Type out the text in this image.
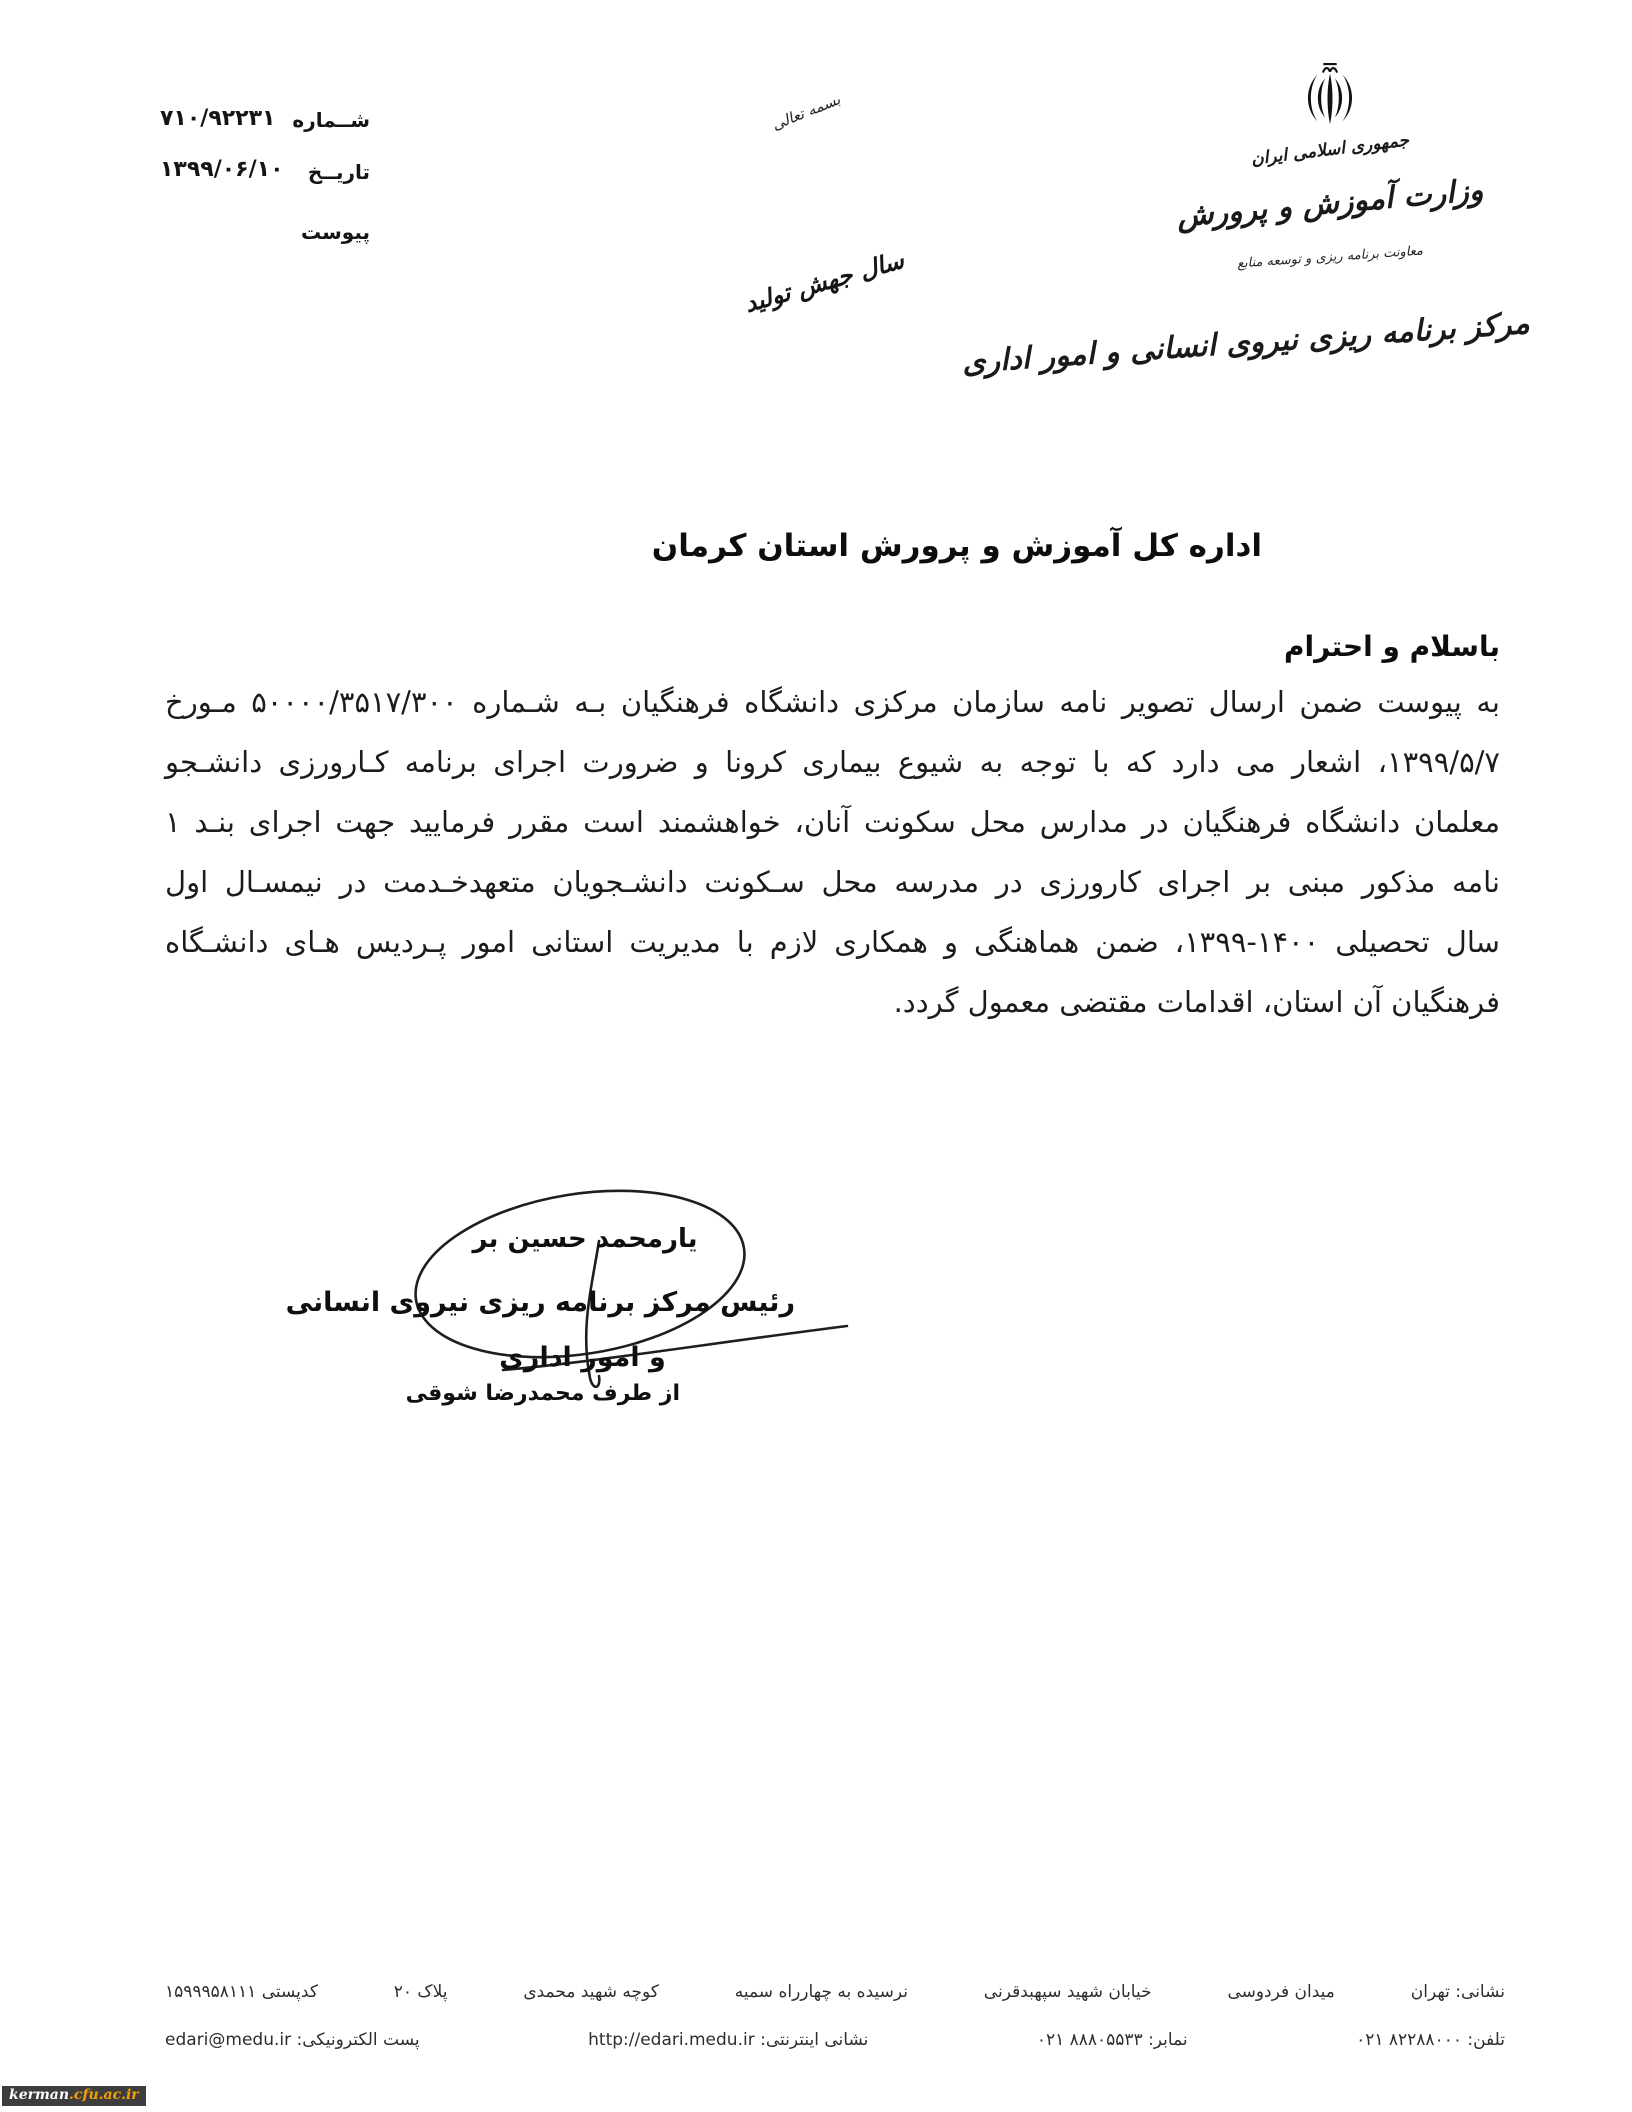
شــماره
۷۱۰/۹۲۲۳۱
تاريــخ
۱۳۹۹/۰۶/۱۰
پيوست
بسمه تعالی
سال جهش تولید
جمهوری اسلامی ایران
وزارت آموزش و پرورش
معاونت برنامه ریزی و توسعه منابع
مرکز برنامه ریزی نیروی انسانی و امور اداری
اداره کل آموزش و پرورش استان کرمان
باسلام و احترام
به پیوست ضمن ارسال تصویر نامه سازمان مرکزی دانشگاه فرهنگیان بـه شـماره ۵۰۰۰۰/۳۵۱۷/۳۰۰ مـورخ
۱۳۹۹/۵/۷، اشعار می دارد که با توجه به شیوع بیماری کرونا و ضرورت اجرای برنامه کـارورزی دانشـجو
معلمان دانشگاه فرهنگیان در مدارس محل سکونت آنان، خواهشمند است مقرر فرمایید جهت اجرای بنـد ۱
نامه مذکور مبنی بر اجرای کارورزی در مدرسه محل سـکونت دانشـجویان متعهدخـدمت در نیمسـال اول
سال تحصیلی ۱۴۰۰-۱۳۹۹، ضمن هماهنگی و همکاری لازم با مدیریت استانی امور پـردیس هـای دانشـگاه
فرهنگیان آن استان، اقدامات مقتضی معمول گردد.
یارمحمد حسین بر
رئیس مرکز برنامه ریزی نیروی انسانی
و امور اداری
از طرف محمدرضا شوقی
نشانی: تهران
میدان فردوسی
خیابان شهید سپهبدقرنی
نرسیده به چهارراه سمیه
کوچه شهید محمدی
پلاک ۲۰
کدپستی ۱۵۹۹۹۵۸۱۱۱
تلفن: ۰۲۱ ۸۲۲۸۸۰۰۰
نمابر: ۰۲۱ ۸۸۸۰۵۵۳۳
نشانی اینترنتی: http://edari.medu.ir
پست الکترونیکی: edari@medu.ir
kerman.cfu.ac.ir
